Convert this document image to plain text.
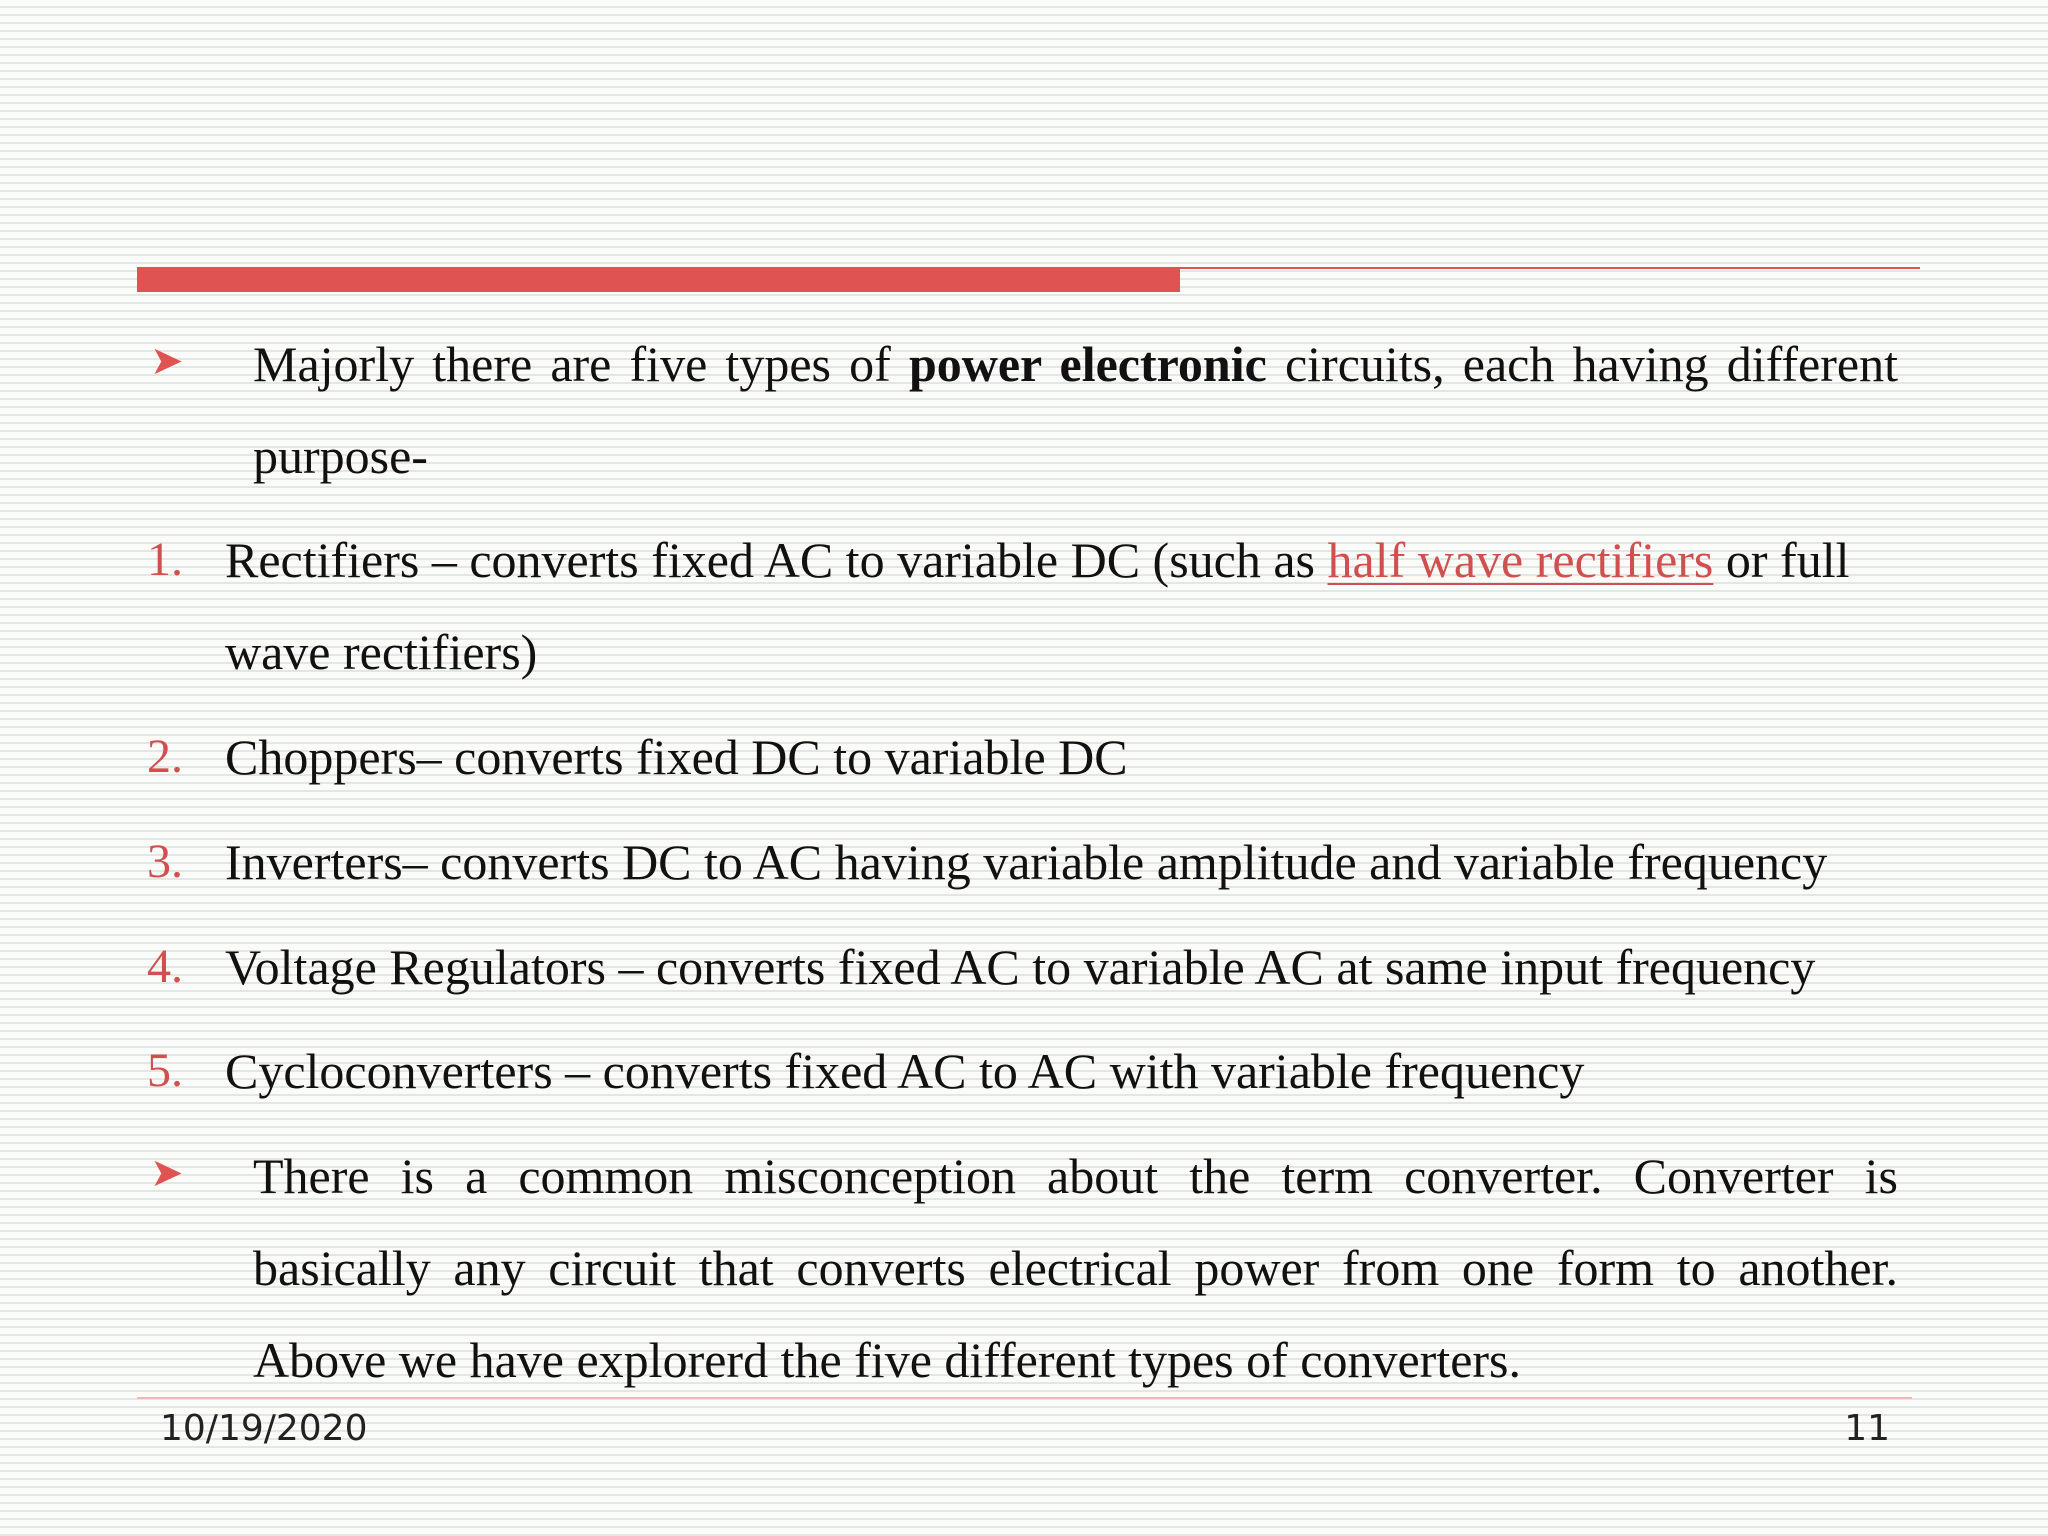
➤ Majorly there are five types of power electronic circuits, each having different purpose-
1. Rectifiers – converts fixed AC to variable DC (such as half wave rectifiers or full wave rectifiers)
2. Choppers– converts fixed DC to variable DC
3. Inverters– converts DC to AC having variable amplitude and variable frequency
4. Voltage Regulators – converts fixed AC to variable AC at same input frequency
5. Cycloconverters – converts fixed AC to AC with variable frequency
➤ There is a common misconception about the term converter. Converter is basically any circuit that converts electrical power from one form to another. Above we have explorerd the five different types of converters.
10/19/2020	11
